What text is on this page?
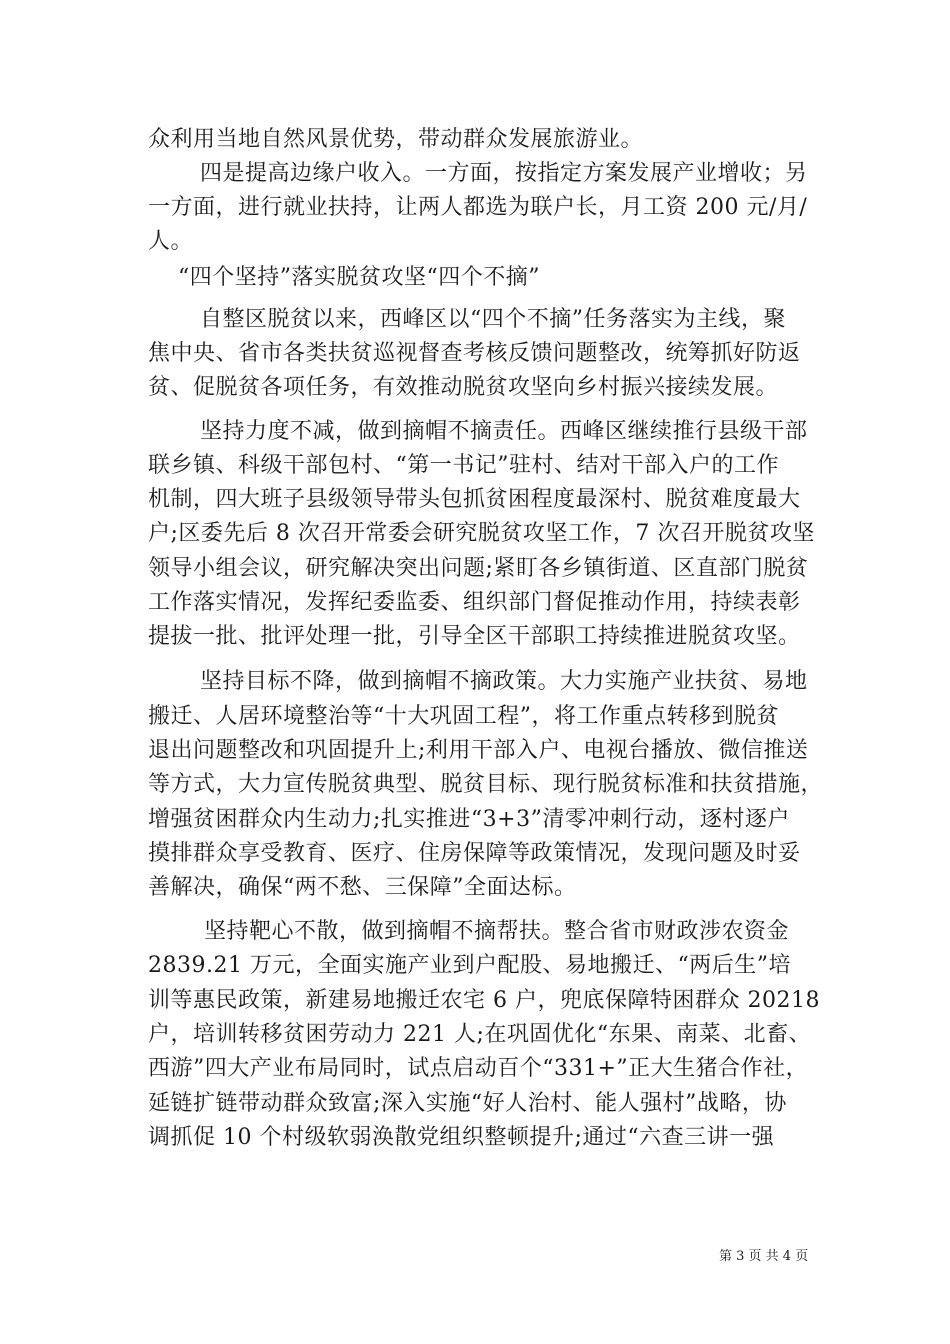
众利用当地自然风景优势，带动群众发展旅游业。
四是提高边缘户收入。一方面，按指定方案发展产业增收；另
一方面，进行就业扶持，让两人都选为联户长，月工资 200 元/月/
人。
“四个坚持”落实脱贫攻坚“四个不摘”
自整区脱贫以来，西峰区以“四个不摘”任务落实为主线，聚
焦中央、省市各类扶贫巡视督查考核反馈问题整改，统筹抓好防返
贫、促脱贫各项任务，有效推动脱贫攻坚向乡村振兴接续发展。
坚持力度不减，做到摘帽不摘责任。西峰区继续推行县级干部
联乡镇、科级干部包村、“第一书记”驻村、结对干部入户的工作
机制，四大班子县级领导带头包抓贫困程度最深村、脱贫难度最大
户;区委先后 8 次召开常委会研究脱贫攻坚工作，7 次召开脱贫攻坚
领导小组会议，研究解决突出问题;紧盯各乡镇街道、区直部门脱贫
工作落实情况，发挥纪委监委、组织部门督促推动作用，持续表彰
提拔一批、批评处理一批，引导全区干部职工持续推进脱贫攻坚。
坚持目标不降，做到摘帽不摘政策。大力实施产业扶贫、易地
搬迁、人居环境整治等“十大巩固工程”，将工作重点转移到脱贫
退出问题整改和巩固提升上;利用干部入户、电视台播放、微信推送
等方式，大力宣传脱贫典型、脱贫目标、现行脱贫标准和扶贫措施，
增强贫困群众内生动力;扎实推进“3+3”清零冲刺行动，逐村逐户
摸排群众享受教育、医疗、住房保障等政策情况，发现问题及时妥
善解决，确保“两不愁、三保障”全面达标。
坚持靶心不散，做到摘帽不摘帮扶。整合省市财政涉农资金
2839.21 万元，全面实施产业到户配股、易地搬迁、“两后生”培
训等惠民政策，新建易地搬迁农宅 6 户，兜底保障特困群众 20218
户，培训转移贫困劳动力 221 人;在巩固优化“东果、南菜、北畜、
西游”四大产业布局同时，试点启动百个“331+”正大生猪合作社，
延链扩链带动群众致富;深入实施“好人治村、能人强村”战略，协
调抓促 10 个村级软弱涣散党组织整顿提升;通过“六查三讲一强
第 3 页 共 4 页
